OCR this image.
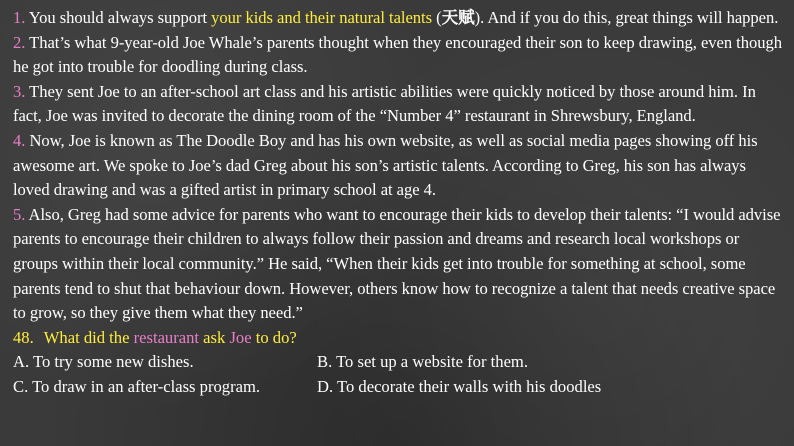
1. You should always support your kids and their natural talents (天赋). And if you do this, great things will happen.

2. That’s what 9-year-old Joe Whale’s parents thought when they encouraged their son to keep drawing, even though he got into trouble for doodling during class.

3. They sent Joe to an after-school art class and his artistic abilities were quickly noticed by those around him. In fact, Joe was invited to decorate the dining room of the “Number 4” restaurant in Shrewsbury, England.

4. Now, Joe is known as The Doodle Boy and has his own website, as well as social media pages showing off his awesome art. We spoke to Joe’s dad Greg about his son’s artistic talents. According to Greg, his son has always loved drawing and was a gifted artist in primary school at age 4.

5. Also, Greg had some advice for parents who want to encourage their kids to develop their talents: “I would advise parents to encourage their children to always follow their passion and dreams and research local workshops or groups within their local community.” He said, “When their kids get into trouble for something at school, some parents tend to shut that behaviour down. However, others know how to recognize a talent that needs creative space to grow, so they give them what they need.”

48. What did the restaurant ask Joe to do?

A. To try some new dishes.	B. To set up a website for them.
C. To draw in an after-class program.	D. To decorate their walls with his doodles
